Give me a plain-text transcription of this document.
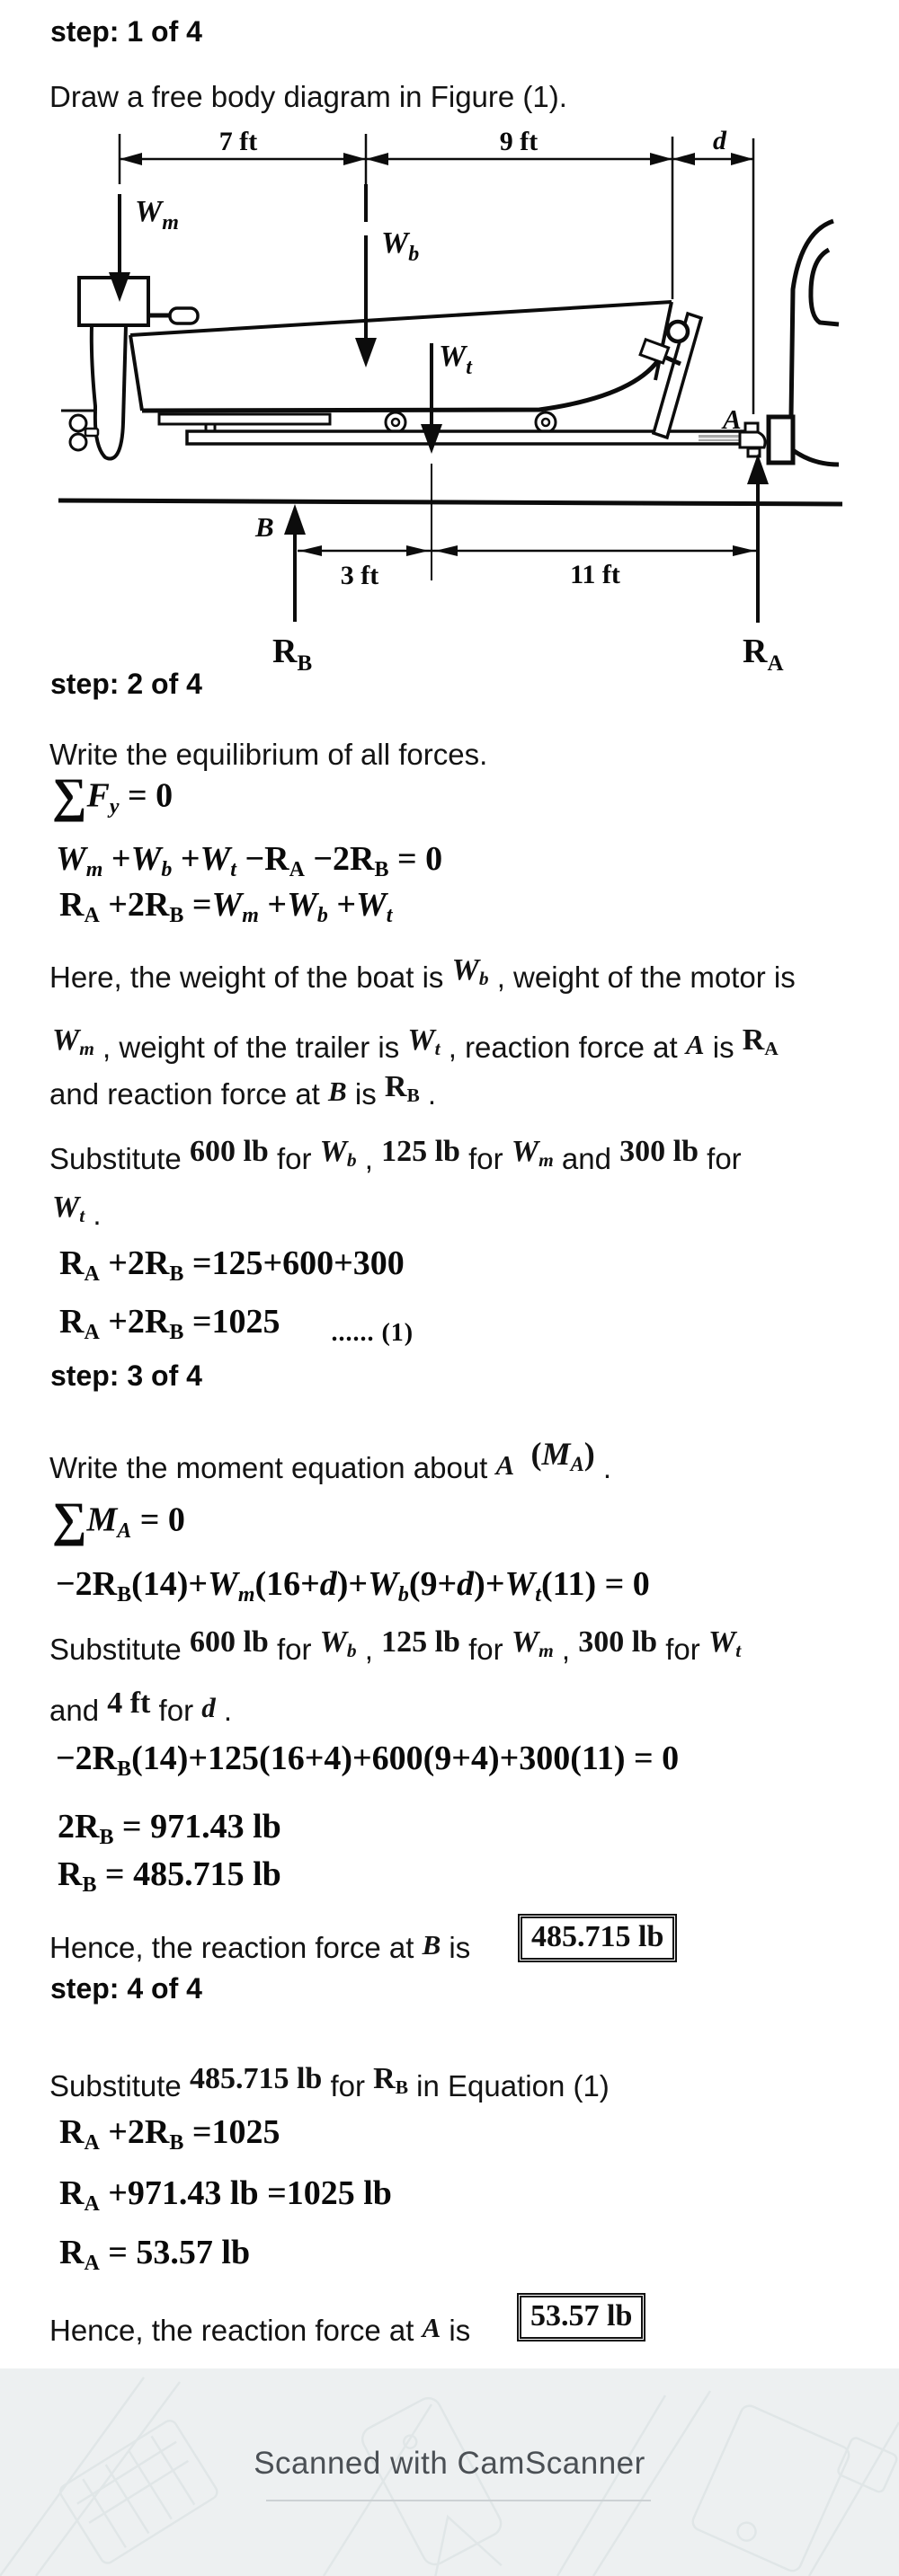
step: 1 of 4
Draw a free body diagram in Figure (1).
7 ft	9 ft	d
$W_m$
$W_b$
$W_t$
B
A
$R_B$	$R_A$
3 ft	11 ft
step: 2 of 4
Write the equilibrium of all forces.
∑Fy = 0
Wm +Wb +Wt −RA −2RB = 0
RA +2RB =Wm +Wb +Wt
Here, the weight of the boat is Wb , weight of the motor is
Wm , weight of the trailer is Wt , reaction force at A is RA
and reaction force at B is RB .
Substitute 600 lb for Wb , 125 lb for Wm and 300 lb for
Wt .
RA +2RB =125+600+300
RA +2RB =1025 $_{...... (1)}$
step: 3 of 4
Write the moment equation about A (MA) .
∑MA = 0
−2RB(14)+Wm(16+d)+Wb(9+d)+Wt(11) = 0
Substitute 600 lb for Wb , 125 lb for Wm , 300 lb for Wt
and 4 ft for d .
−2RB(14)+125(16+4)+600(9+4)+300(11) = 0
2RB = 971.43 lb
RB = 485.715 lb
Hence, the reaction force at B is	485.715 lb
step: 4 of 4
Substitute 485.715 lb for RB in Equation (1)
RA +2RB =1025
RA +971.43 lb =1025 lb
RA = 53.57 lb
Hence, the reaction force at A is	53.57 lb
Scanned with CamScanner
